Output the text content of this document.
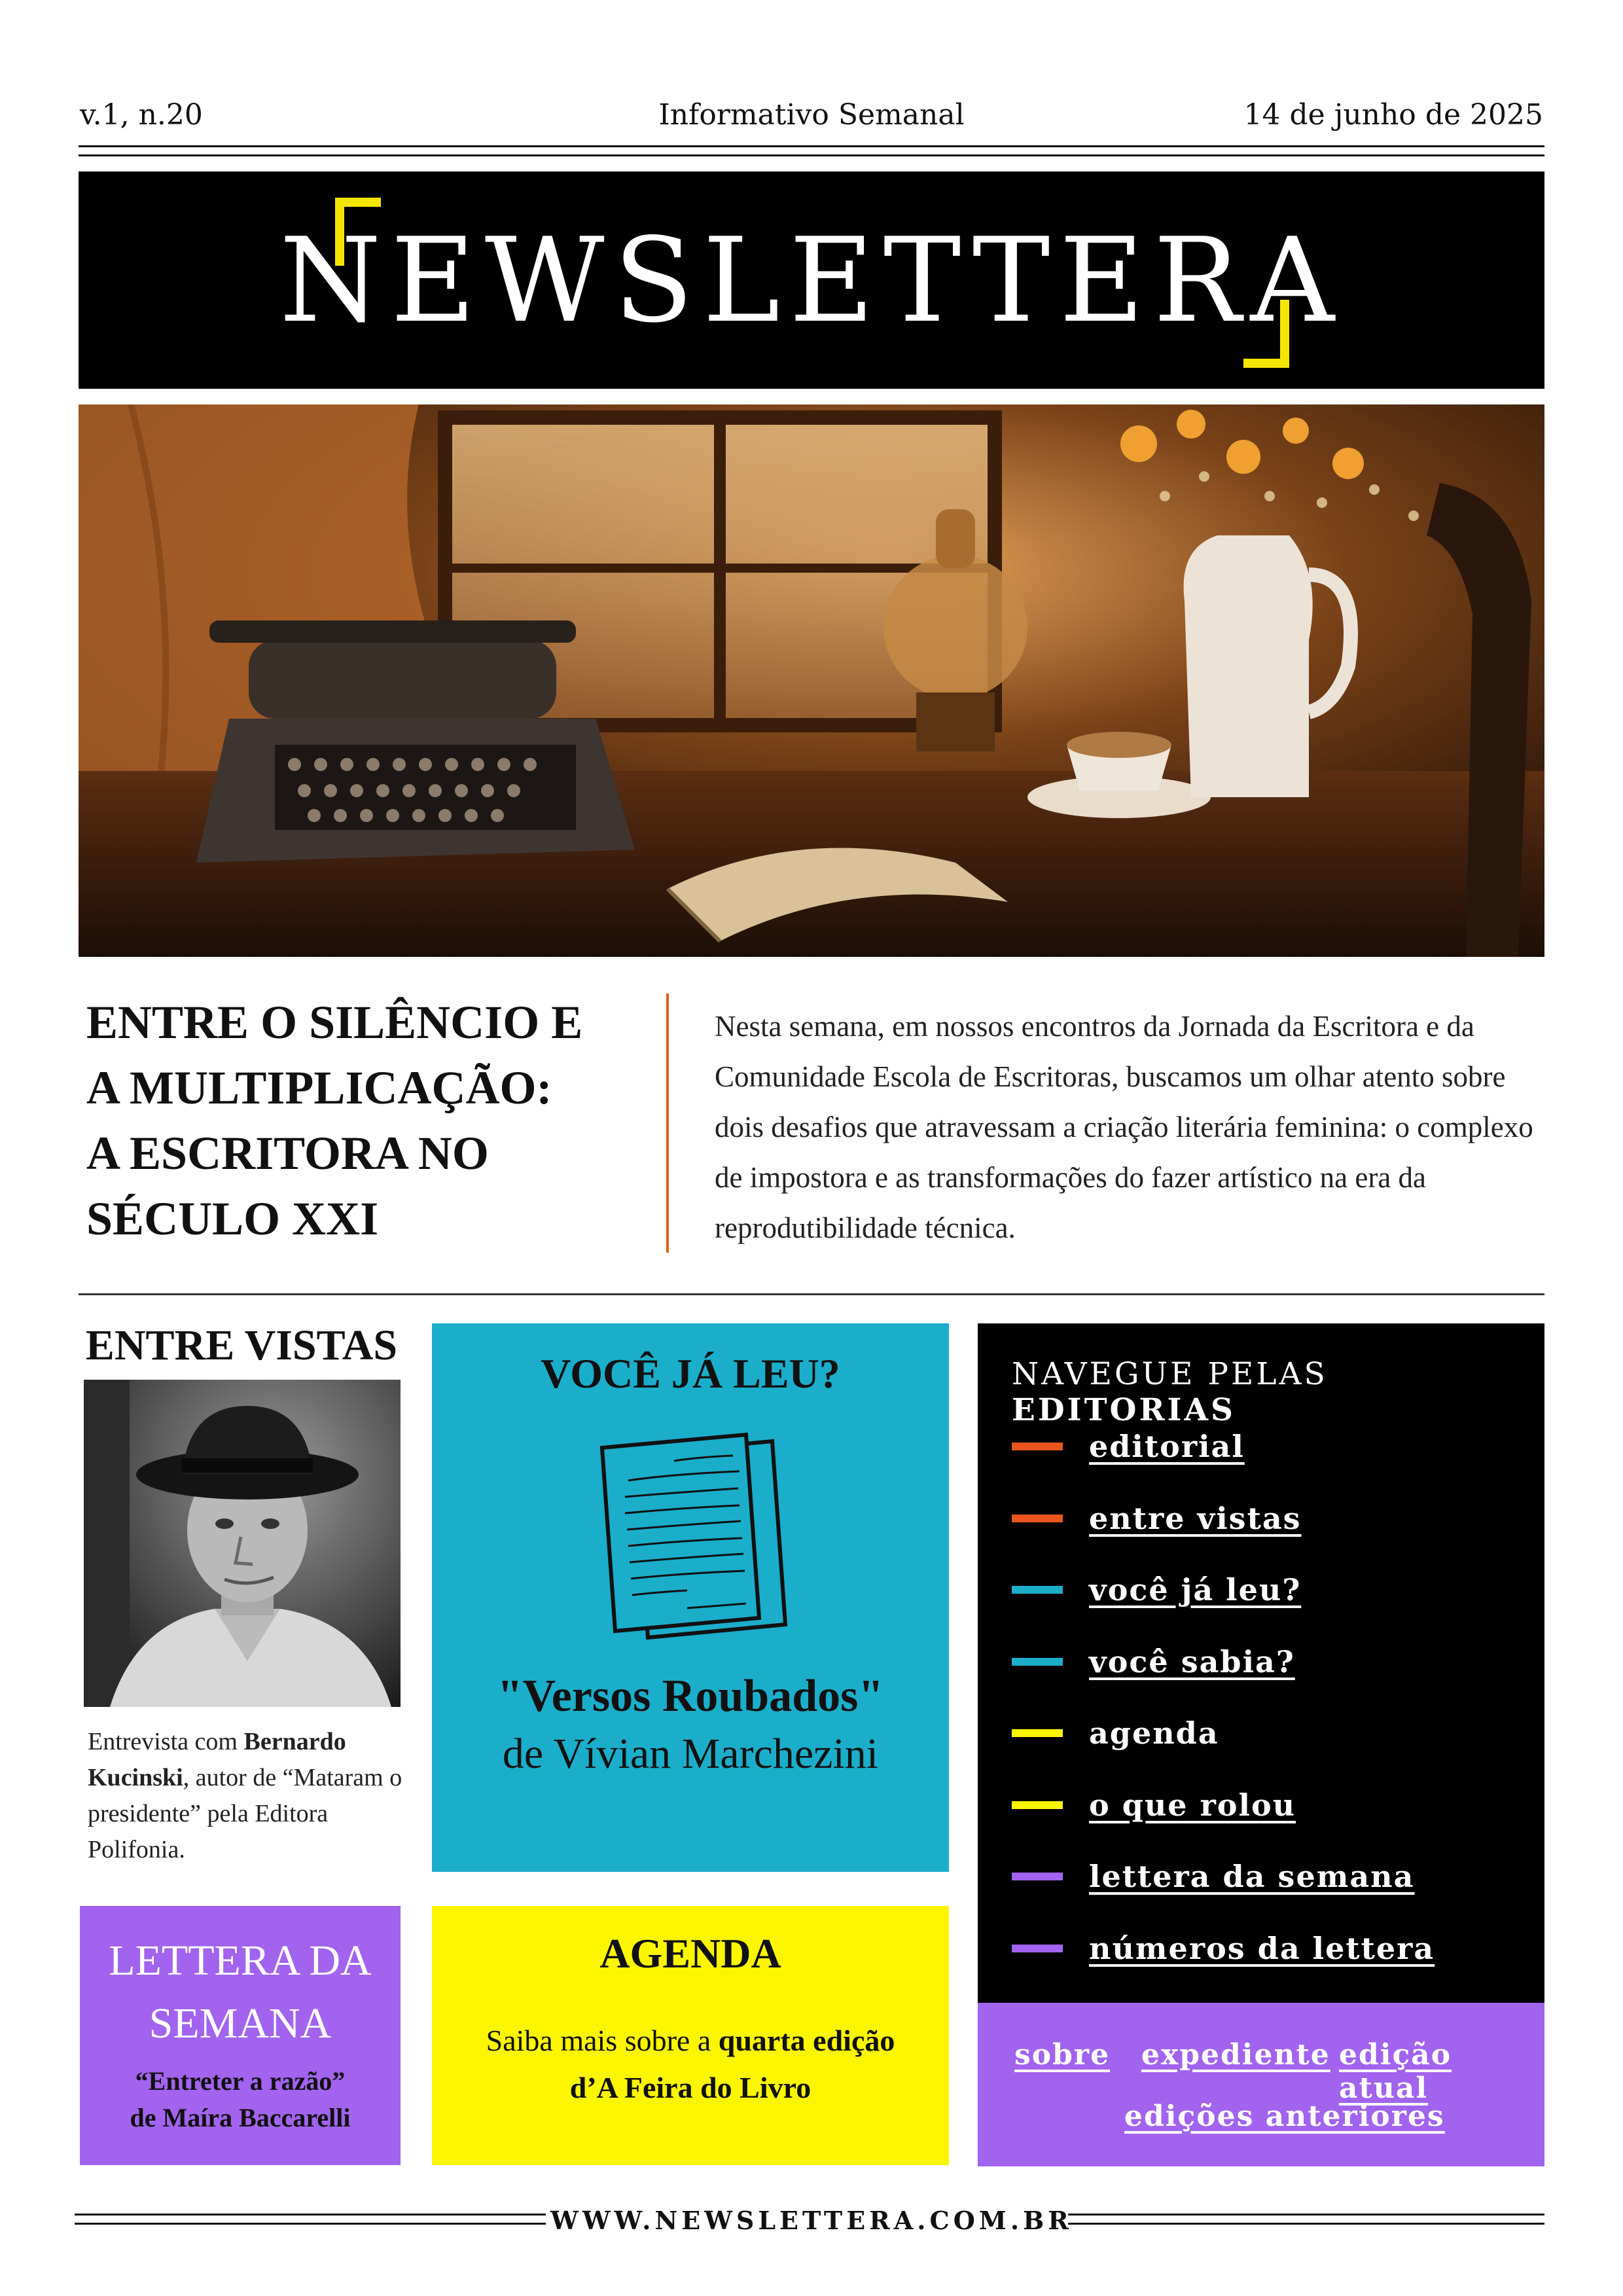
v.1, n.20	Informativo Semanal	14 de junho de 2025
NEWSLETTERA
ENTRE O SILÊNCIO E
A MULTIPLICAÇÃO:
A ESCRITORA NO
SÉCULO XXI
Nesta semana, em nossos encontros da Jornada da Escritora e da Comunidade Escola de Escritoras, buscamos um olhar atento sobre dois desafios que atravessam a criação literária feminina: o complexo de impostora e as transformações do fazer artístico na era da reprodutibilidade técnica.
ENTRE VISTAS
Entrevista com Bernardo Kucinski, autor de “Mataram o presidente” pela Editora Polifonia.
VOCÊ JÁ LEU?
"Versos Roubados"
de Vívian Marchezini
NAVEGUE PELAS EDITORIAS
editorial
entre vistas
você já leu?
você sabia?
agenda
o que rolou
lettera da semana
números da lettera
sobre expediente edição atual
edições anteriores
LETTERA DA
SEMANA
“Entreter a razão”
de Maíra Baccarelli
AGENDA
Saiba mais sobre a quarta edição d’A Feira do Livro
WWW.NEWSLETTERA.COM.BR
